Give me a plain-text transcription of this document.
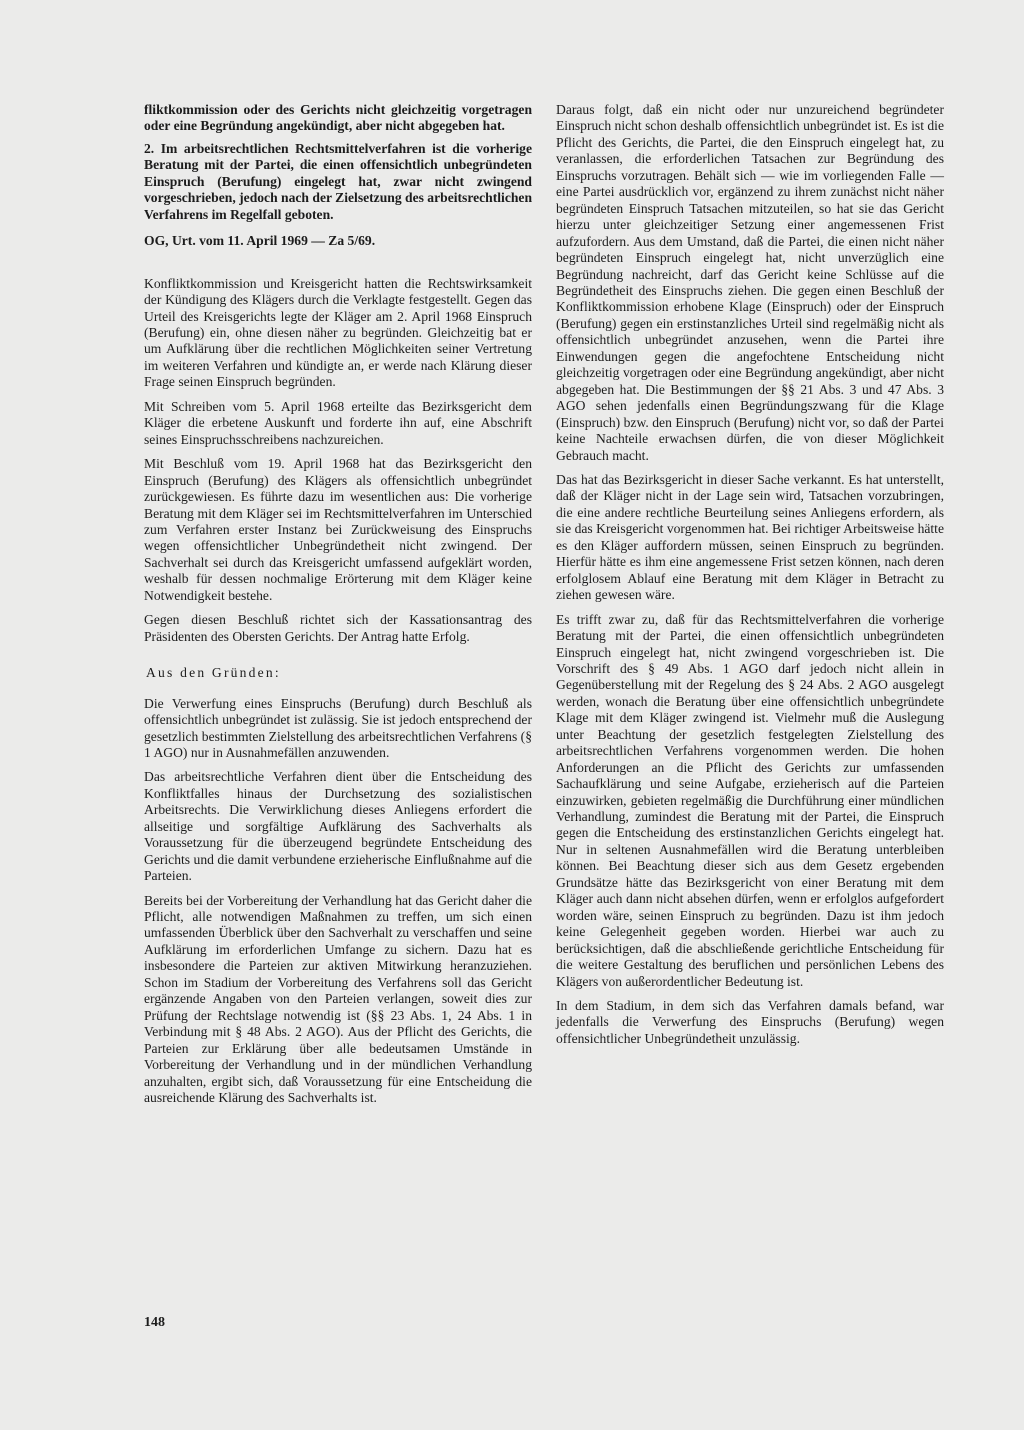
fliktkommission oder des Gerichts nicht gleichzeitig vorgetragen oder eine Begründung angekündigt, aber nicht abgegeben hat.

2. Im arbeitsrechtlichen Rechtsmittelverfahren ist die vorherige Beratung mit der Partei, die einen offensichtlich unbegründeten Einspruch (Berufung) eingelegt hat, zwar nicht zwingend vorgeschrieben, jedoch nach der Zielsetzung des arbeitsrechtlichen Verfahrens im Regelfall geboten.

OG, Urt. vom 11. April 1969 — Za 5/69.

Konfliktkommission und Kreisgericht hatten die Rechtswirksamkeit der Kündigung des Klägers durch die Verklagte festgestellt. Gegen das Urteil des Kreisgerichts legte der Kläger am 2. April 1968 Einspruch (Berufung) ein, ohne diesen näher zu begründen. Gleichzeitig bat er um Aufklärung über die rechtlichen Möglichkeiten seiner Vertretung im weiteren Verfahren und kündigte an, er werde nach Klärung dieser Frage seinen Einspruch begründen.

Mit Schreiben vom 5. April 1968 erteilte das Bezirksgericht dem Kläger die erbetene Auskunft und forderte ihn auf, eine Abschrift seines Einspruchsschreibens nachzureichen.

Mit Beschluß vom 19. April 1968 hat das Bezirksgericht den Einspruch (Berufung) des Klägers als offensichtlich unbegründet zurückgewiesen. Es führte dazu im wesentlichen aus: Die vorherige Beratung mit dem Kläger sei im Rechtsmittelverfahren im Unterschied zum Verfahren erster Instanz bei Zurückweisung des Einspruchs wegen offensichtlicher Unbegründetheit nicht zwingend. Der Sachverhalt sei durch das Kreisgericht umfassend aufgeklärt worden, weshalb für dessen nochmalige Erörterung mit dem Kläger keine Notwendigkeit bestehe.

Gegen diesen Beschluß richtet sich der Kassationsantrag des Präsidenten des Obersten Gerichts. Der Antrag hatte Erfolg.

Aus den Gründen:

Die Verwerfung eines Einspruchs (Berufung) durch Beschluß als offensichtlich unbegründet ist zulässig. Sie ist jedoch entsprechend der gesetzlich bestimmten Zielstellung des arbeitsrechtlichen Verfahrens (§ 1 AGO) nur in Ausnahmefällen anzuwenden.

Das arbeitsrechtliche Verfahren dient über die Entscheidung des Konfliktfalles hinaus der Durchsetzung des sozialistischen Arbeitsrechts. Die Verwirklichung dieses Anliegens erfordert die allseitige und sorgfältige Aufklärung des Sachverhalts als Voraussetzung für die überzeugend begründete Entscheidung des Gerichts und die damit verbundene erzieherische Einflußnahme auf die Parteien.

Bereits bei der Vorbereitung der Verhandlung hat das Gericht daher die Pflicht, alle notwendigen Maßnahmen zu treffen, um sich einen umfassenden Überblick über den Sachverhalt zu verschaffen und seine Aufklärung im erforderlichen Umfange zu sichern. Dazu hat es insbesondere die Parteien zur aktiven Mitwirkung heranzuziehen. Schon im Stadium der Vorbereitung des Verfahrens soll das Gericht ergänzende Angaben von den Parteien verlangen, soweit dies zur Prüfung der Rechtslage notwendig ist (§§ 23 Abs. 1, 24 Abs. 1 in Verbindung mit § 48 Abs. 2 AGO). Aus der Pflicht des Gerichts, die Parteien zur Erklärung über alle bedeutsamen Umstände in Vorbereitung der Verhandlung und in der mündlichen Verhandlung anzuhalten, ergibt sich, daß Voraussetzung für eine Entscheidung die ausreichende Klärung des Sachverhalts ist.

Daraus folgt, daß ein nicht oder nur unzureichend begründeter Einspruch nicht schon deshalb offensichtlich unbegründet ist. Es ist die Pflicht des Gerichts, die Partei, die den Einspruch eingelegt hat, zu veranlassen, die erforderlichen Tatsachen zur Begründung des Einspruchs vorzutragen. Behält sich — wie im vorliegenden Falle — eine Partei ausdrücklich vor, ergänzend zu ihrem zunächst nicht näher begründeten Einspruch Tatsachen mitzuteilen, so hat sie das Gericht hierzu unter gleichzeitiger Setzung einer angemessenen Frist aufzufordern. Aus dem Umstand, daß die Partei, die einen nicht näher begründeten Einspruch eingelegt hat, nicht unverzüglich eine Begründung nachreicht, darf das Gericht keine Schlüsse auf die Begründetheit des Einspruchs ziehen. Die gegen einen Beschluß der Konfliktkommission erhobene Klage (Einspruch) oder der Einspruch (Berufung) gegen ein erstinstanzliches Urteil sind regelmäßig nicht als offensichtlich unbegründet anzusehen, wenn die Partei ihre Einwendungen gegen die angefochtene Entscheidung nicht gleichzeitig vorgetragen oder eine Begründung angekündigt, aber nicht abgegeben hat. Die Bestimmungen der §§ 21 Abs. 3 und 47 Abs. 3 AGO sehen jedenfalls einen Begründungszwang für die Klage (Einspruch) bzw. den Einspruch (Berufung) nicht vor, so daß der Partei keine Nachteile erwachsen dürfen, die von dieser Möglichkeit Gebrauch macht.

Das hat das Bezirksgericht in dieser Sache verkannt. Es hat unterstellt, daß der Kläger nicht in der Lage sein wird, Tatsachen vorzubringen, die eine andere rechtliche Beurteilung seines Anliegens erfordern, als sie das Kreisgericht vorgenommen hat. Bei richtiger Arbeitsweise hätte es den Kläger auffordern müssen, seinen Einspruch zu begründen. Hierfür hätte es ihm eine angemessene Frist setzen können, nach deren erfolglosem Ablauf eine Beratung mit dem Kläger in Betracht zu ziehen gewesen wäre.

Es trifft zwar zu, daß für das Rechtsmittelverfahren die vorherige Beratung mit der Partei, die einen offensichtlich unbegründeten Einspruch eingelegt hat, nicht zwingend vorgeschrieben ist. Die Vorschrift des § 49 Abs. 1 AGO darf jedoch nicht allein in Gegenüberstellung mit der Regelung des § 24 Abs. 2 AGO ausgelegt werden, wonach die Beratung über eine offensichtlich unbegründete Klage mit dem Kläger zwingend ist. Vielmehr muß die Auslegung unter Beachtung der gesetzlich festgelegten Zielstellung des arbeitsrechtlichen Verfahrens vorgenommen werden. Die hohen Anforderungen an die Pflicht des Gerichts zur umfassenden Sachaufklärung und seine Aufgabe, erzieherisch auf die Parteien einzuwirken, gebieten regelmäßig die Durchführung einer mündlichen Verhandlung, zumindest die Beratung mit der Partei, die Einspruch gegen die Entscheidung des erstinstanzlichen Gerichts eingelegt hat. Nur in seltenen Ausnahmefällen wird die Beratung unterbleiben können. Bei Beachtung dieser sich aus dem Gesetz ergebenden Grundsätze hätte das Bezirksgericht von einer Beratung mit dem Kläger auch dann nicht absehen dürfen, wenn er erfolglos aufgefordert worden wäre, seinen Einspruch zu begründen. Dazu ist ihm jedoch keine Gelegenheit gegeben worden. Hierbei war auch zu berücksichtigen, daß die abschließende gerichtliche Entscheidung für die weitere Gestaltung des beruflichen und persönlichen Lebens des Klägers von außerordentlicher Bedeutung ist.

In dem Stadium, in dem sich das Verfahren damals befand, war jedenfalls die Verwerfung des Einspruchs (Berufung) wegen offensichtlicher Unbegründetheit unzulässig.

148
